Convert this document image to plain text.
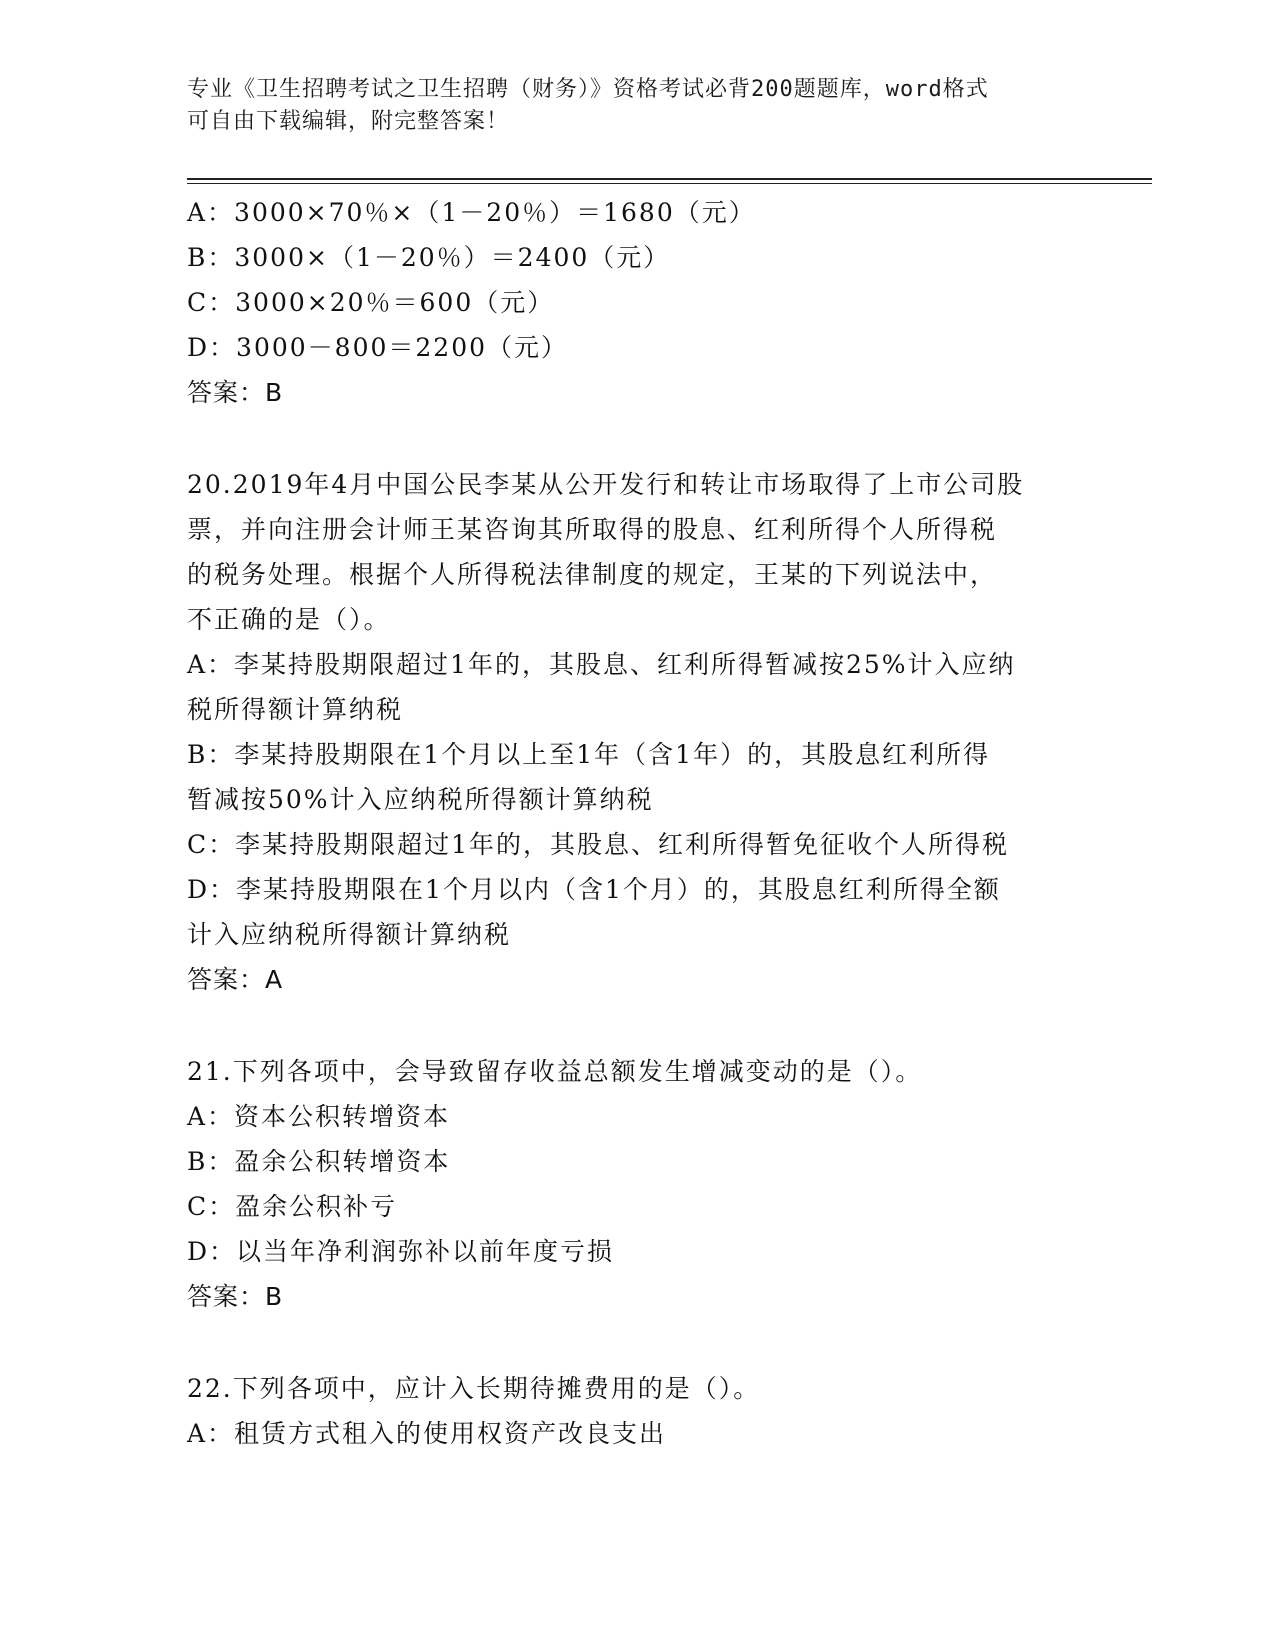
专业《卫生招聘考试之卫生招聘（财务）》资格考试必背200题题库，word格式
可自由下载编辑，附完整答案！
A：3000×70％×（1－20％）＝1680（元）
B：3000×（1－20％）＝2400（元）
C：3000×20％＝600（元）
D：3000－800＝2200（元）
答案：B
20.2019年4月中国公民李某从公开发行和转让市场取得了上市公司股
票，并向注册会计师王某咨询其所取得的股息、红利所得个人所得税
的税务处理。根据个人所得税法律制度的规定，王某的下列说法中，
不正确的是（）。
A：李某持股期限超过1年的，其股息、红利所得暂减按25%计入应纳
税所得额计算纳税
B：李某持股期限在1个月以上至1年（含1年）的，其股息红利所得
暂减按50%计入应纳税所得额计算纳税
C：李某持股期限超过1年的，其股息、红利所得暂免征收个人所得税
D：李某持股期限在1个月以内（含1个月）的，其股息红利所得全额
计入应纳税所得额计算纳税
答案：A
21.下列各项中，会导致留存收益总额发生增减变动的是（）。
A：资本公积转增资本
B：盈余公积转增资本
C：盈余公积补亏
D：以当年净利润弥补以前年度亏损
答案：B
22.下列各项中，应计入长期待摊费用的是（）。
A：租赁方式租入的使用权资产改良支出
